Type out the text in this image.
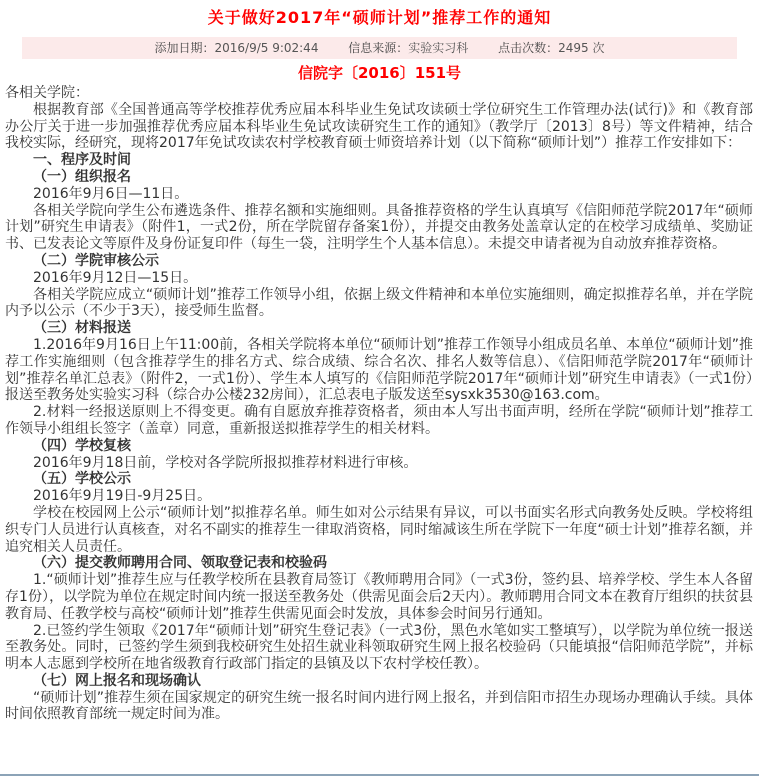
关于做好2017年“硕师计划”推荐工作的通知
添加日期：2016/9/5 9:02:44 信息来源：实验实习科 点击次数：2495 次
信院字〔2016〕151号

各相关学院：

根据教育部《全国普通高等学校推荐优秀应届本科毕业生免试攻读硕士学位研究生工作管理办法(试行)》和《教育部办公厅关于进一步加强推荐优秀应届本科毕业生免试攻读研究生工作的通知》（教学厅〔2013〕8号）等文件精神，结合我校实际，经研究，现将2017年免试攻读农村学校教育硕士师资培养计划（以下简称“硕师计划”）推荐工作安排如下：

一、程序及时间

（一）组织报名

2016年9月6日—11日。

各相关学院向学生公布遴选条件、推荐名额和实施细则。具备推荐资格的学生认真填写《信阳师范学院2017年“硕师计划”研究生申请表》（附件1，一式2份，所在学院留存备案1份），并提交由教务处盖章认定的在校学习成绩单、奖励证书、已发表论文等原件及身份证复印件（每生一袋，注明学生个人基本信息）。未提交申请者视为自动放弃推荐资格。

（二）学院审核公示

2016年9月12日—15日。

各相关学院应成立“硕师计划”推荐工作领导小组，依据上级文件精神和本单位实施细则，确定拟推荐名单，并在学院内予以公示（不少于3天），接受师生监督。

（三）材料报送

1.2016年9月16日上午11:00前，各相关学院将本单位“硕师计划”推荐工作领导小组成员名单、本单位“硕师计划”推荐工作实施细则（包含推荐学生的排名方式、综合成绩、综合名次、排名人数等信息）、《信阳师范学院2017年“硕师计划”推荐名单汇总表》（附件2，一式1份）、学生本人填写的《信阳师范学院2017年“硕师计划”研究生申请表》（一式1份）报送至教务处实验实习科（综合办公楼232房间），汇总表电子版发送至sysxk3530@163.com。

2.材料一经报送原则上不得变更。确有自愿放弃推荐资格者，须由本人写出书面声明，经所在学院“硕师计划”推荐工作领导小组组长签字（盖章）同意，重新报送拟推荐学生的相关材料。

（四）学校复核

2016年9月18日前，学校对各学院所报拟推荐材料进行审核。

（五）学校公示

2016年9月19日-9月25日。

学校在校园网上公示“硕师计划”拟推荐名单。师生如对公示结果有异议，可以书面实名形式向教务处反映。学校将组织专门人员进行认真核查，对名不副实的推荐生一律取消资格，同时缩减该生所在学院下一年度“硕士计划”推荐名额，并追究相关人员责任。

（六）提交教师聘用合同、领取登记表和校验码

1.“硕师计划”推荐生应与任教学校所在县教育局签订《教师聘用合同》（一式3份，签约县、培养学校、学生本人各留存1份），以学院为单位在规定时间内统一报送至教务处（供需见面会后2天内）。教师聘用合同文本在教育厅组织的扶贫县教育局、任教学校与高校“硕师计划”推荐生供需见面会时发放，具体参会时间另行通知。

2.已签约学生领取《2017年“硕师计划”研究生登记表》（一式3份，黑色水笔如实工整填写），以学院为单位统一报送至教务处。同时，已签约学生须到我校研究生处招生就业科领取研究生网上报名校验码（只能填报“信阳师范学院”，并标明本人志愿到学校所在地省级教育行政部门指定的县镇及以下农村学校任教）。

（七）网上报名和现场确认

“硕师计划”推荐生须在国家规定的研究生统一报名时间内进行网上报名，并到信阳市招生办现场办理确认手续。具体时间依照教育部统一规定时间为准。
